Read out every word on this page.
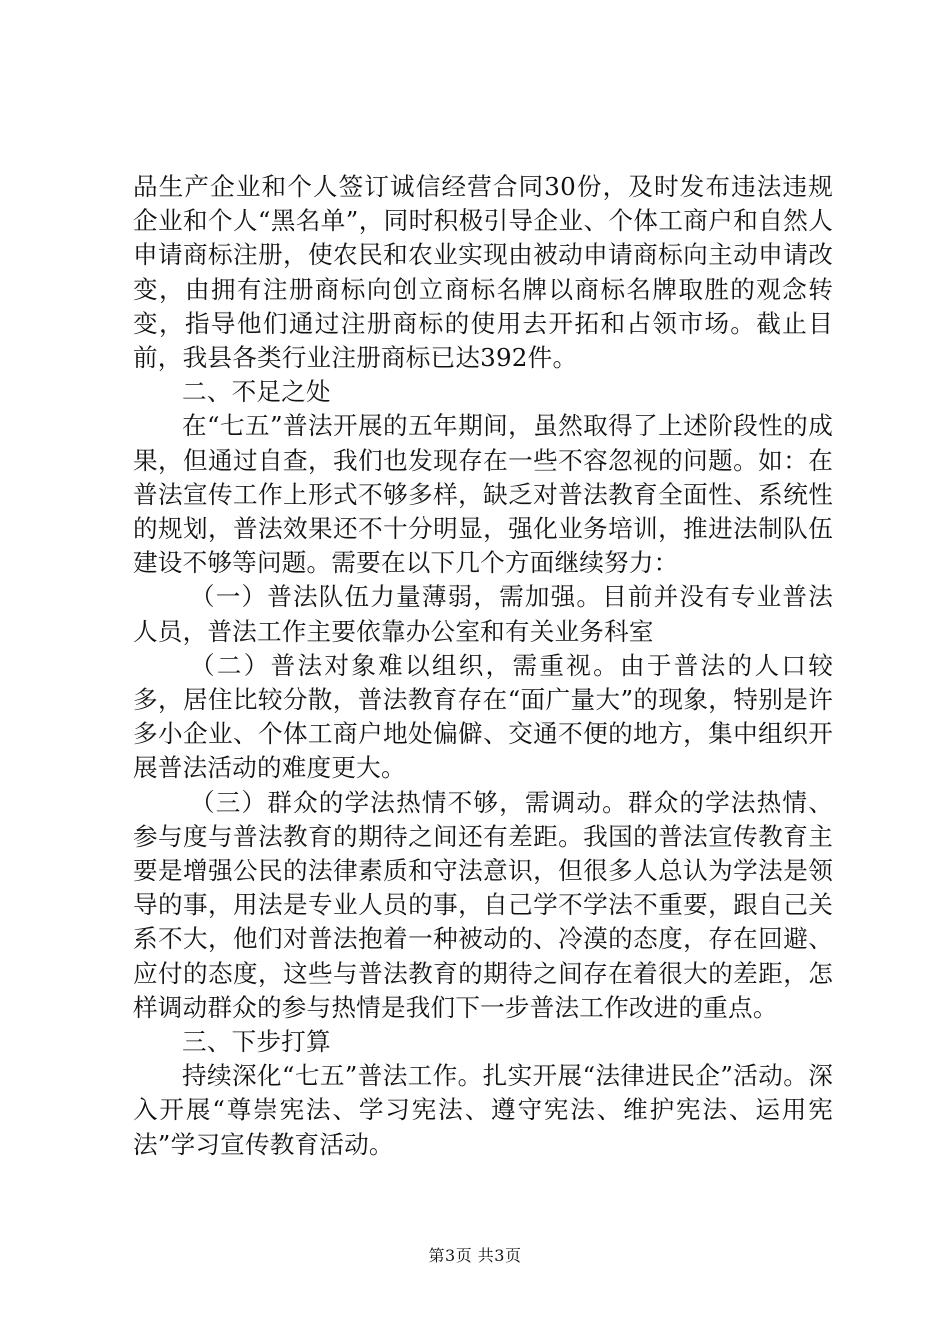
品生产企业和个人签订诚信经营合同30份，及时发布违法违规企业和个人“黑名单”，同时积极引导企业、个体工商户和自然人申请商标注册，使农民和农业实现由被动申请商标向主动申请改变，由拥有注册商标向创立商标名牌以商标名牌取胜的观念转变，指导他们通过注册商标的使用去开拓和占领市场。截止目前，我县各类行业注册商标已达392件。

二、不足之处

在“七五”普法开展的五年期间，虽然取得了上述阶段性的成果，但通过自查，我们也发现存在一些不容忽视的问题。如：在普法宣传工作上形式不够多样，缺乏对普法教育全面性、系统性的规划，普法效果还不十分明显，强化业务培训，推进法制队伍建设不够等问题。需要在以下几个方面继续努力：

（一）普法队伍力量薄弱，需加强。目前并没有专业普法人员，普法工作主要依靠办公室和有关业务科室

（二）普法对象难以组织，需重视。由于普法的人口较多，居住比较分散，普法教育存在“面广量大”的现象，特别是许多小企业、个体工商户地处偏僻、交通不便的地方，集中组织开展普法活动的难度更大。

（三）群众的学法热情不够，需调动。群众的学法热情、参与度与普法教育的期待之间还有差距。我国的普法宣传教育主要是增强公民的法律素质和守法意识，但很多人总认为学法是领导的事，用法是专业人员的事，自己学不学法不重要，跟自己关系不大，他们对普法抱着一种被动的、冷漠的态度，存在回避、应付的态度，这些与普法教育的期待之间存在着很大的差距，怎样调动群众的参与热情是我们下一步普法工作改进的重点。

三、下步打算

持续深化“七五”普法工作。扎实开展“法律进民企”活动。深入开展“尊崇宪法、学习宪法、遵守宪法、维护宪法、运用宪法”学习宣传教育活动。

第3页 共3页
